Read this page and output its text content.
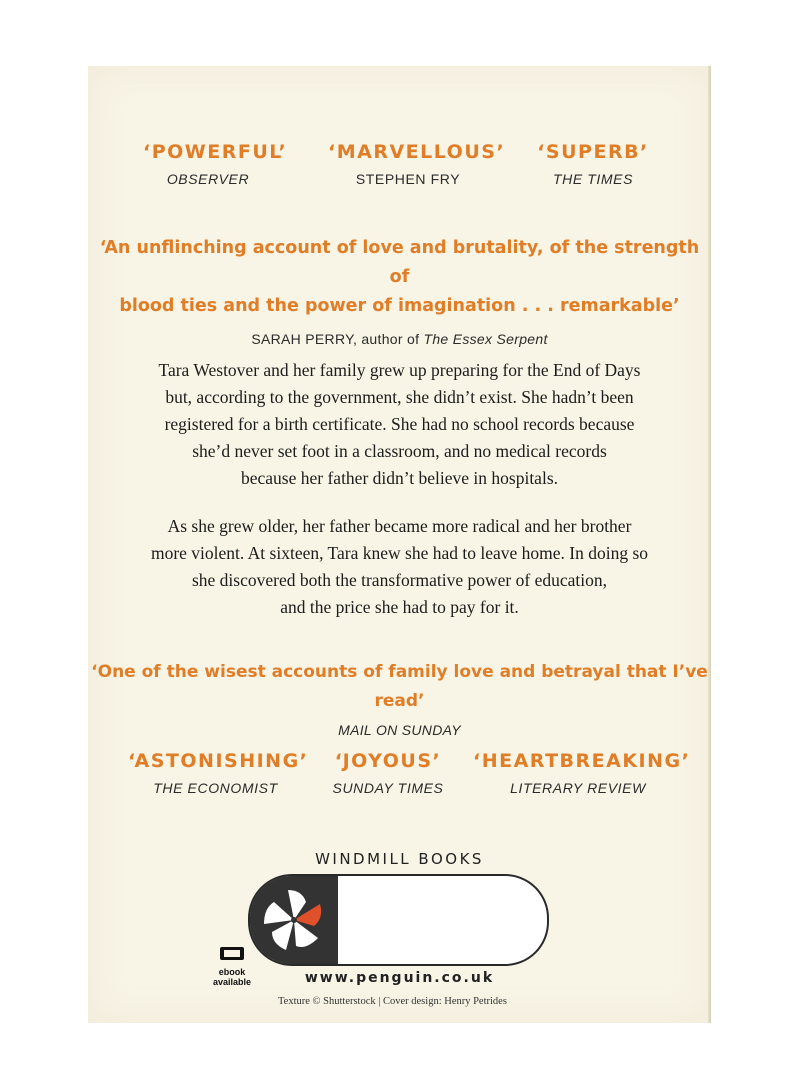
‘POWERFUL’
OBSERVER
‘MARVELLOUS’
STEPHEN FRY
‘SUPERB’
THE TIMES
‘An unflinching account of love and brutality, of the strength of
blood ties and the power of imagination . . . remarkable’
SARAH PERRY, author of The Essex Serpent
Tara Westover and her family grew up preparing for the End of Days
but, according to the government, she didn’t exist. She hadn’t been
registered for a birth certificate. She had no school records because
she’d never set foot in a classroom, and no medical records
because her father didn’t believe in hospitals.
As she grew older, her father became more radical and her brother
more violent. At sixteen, Tara knew she had to leave home. In doing so
she discovered both the transformative power of education,
and the price she had to pay for it.
‘One of the wisest accounts of family love and betrayal that I’ve read’
MAIL ON SUNDAY
‘ASTONISHING’
THE ECONOMIST
‘JOYOUS’
SUNDAY TIMES
‘HEARTBREAKING’
LITERARY REVIEW
WINDMILL BOOKS
www.penguin.co.uk
ebook
available
Texture © Shutterstock | Cover design: Henry Petrides
